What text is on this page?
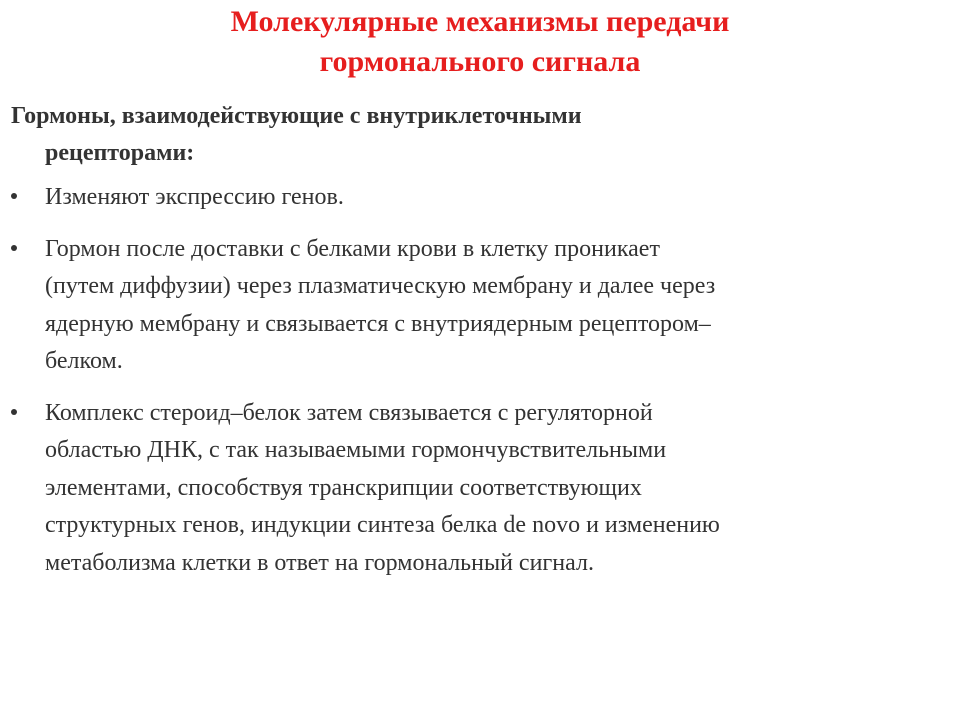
Молекулярные механизмы передачи
гормонального сигнала

Гормоны, взаимодействующие с внутриклеточными
рецепторами:

Изменяют экспрессию генов.
Гормон после доставки с белками крови в клетку проникает
(путем диффузии) через плазматическую мембрану и далее через
ядерную мембрану и связывается с внутриядерным рецептором–
белком.
Комплекс стероид–белок затем связывается с регуляторной
областью ДНК, с так называемыми гормончувствительными
элементами, способствуя транскрипции соответствующих
структурных генов, индукции синтеза белка de novo и изменению
метаболизма клетки в ответ на гормональный сигнал.
